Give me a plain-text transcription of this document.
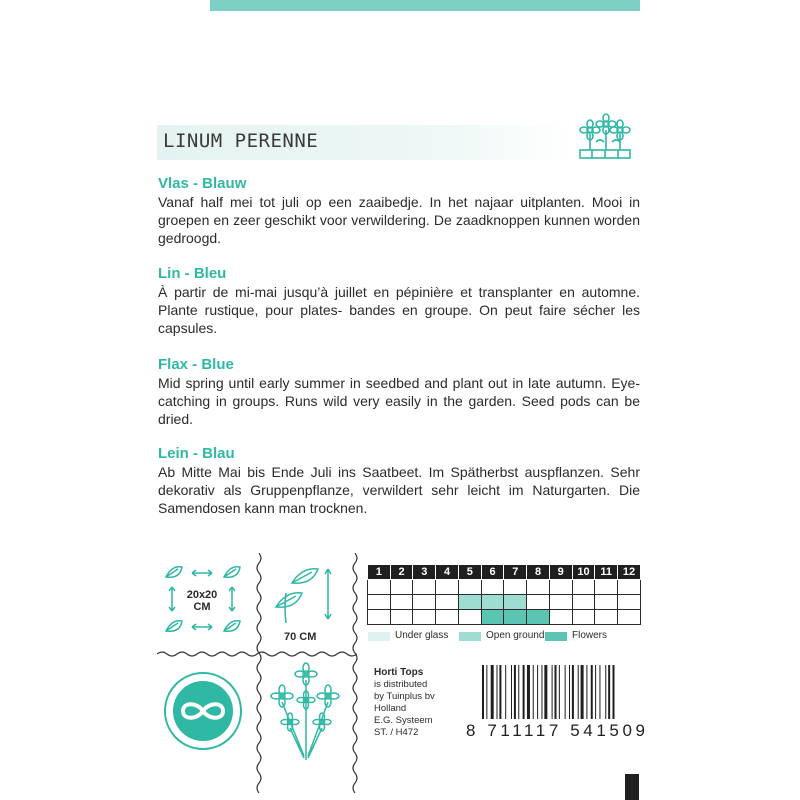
LINUM PERENNE
Vlas - Blauw
Vanaf half mei tot juli op een zaaibedje. In het najaar uitplanten. Mooi in groepen en zeer geschikt voor verwildering. De zaadknoppen kunnen worden gedroogd.
Lin - Bleu
À partir de mi-mai jusqu’à juillet en pépinière et transplanter en automne. Plante rustique, pour plates- bandes en groupe. On peut faire sécher les capsules.
Flax - Blue
Mid spring until early summer in seedbed and plant out in late autumn. Eye-catching in groups. Runs wild very easily in the garden. Seed pods can be dried.
Lein - Blau
Ab Mitte Mai bis Ende Juli ins Saatbeet. Im Spätherbst auspflanzen. Sehr dekorativ als Gruppenpflanze, verwildert sehr leicht im Naturgarten. Die Samendosen kann man trocknen.
20x20
CM
70 CM
1	2	3	4	5	6	7	8	9	10	11	12

Under glass	Open ground	Flowers
Horti Tops
is distributed
by Tuinplus bv
Holland
E.G. Systeem
ST. / H472	8 711117 541509
